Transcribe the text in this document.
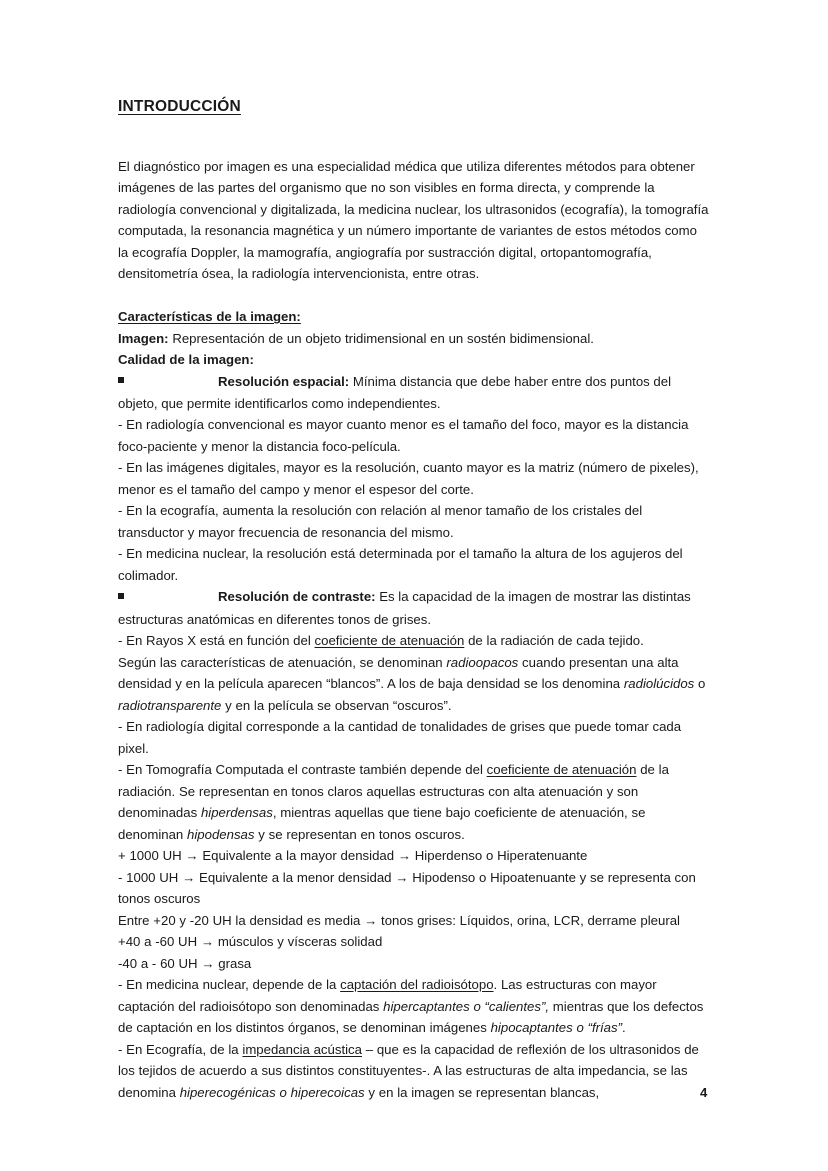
INTRODUCCIÓN

El diagnóstico por imagen es una especialidad médica que utiliza diferentes métodos para obtener imágenes de las partes del organismo que no son visibles en forma directa, y comprende la radiología convencional y digitalizada, la medicina nuclear, los ultrasonidos (ecografía), la tomografía computada, la resonancia magnética y un número importante de variantes de estos métodos como la ecografía Doppler, la mamografía, angiografía por sustracción digital, ortopantomografía, densitometría ósea, la radiología intervencionista, entre otras.

Características de la imagen:

Imagen: Representación de un objeto tridimensional en un sostén bidimensional.

Calidad de la imagen:

Resolución espacial: Mínima distancia que debe haber entre dos puntos del objeto, que permite identificarlos como independientes.

- En radiología convencional es mayor cuanto menor es el tamaño del foco, mayor es la distancia foco-paciente y menor la distancia foco-película.

- En las imágenes digitales, mayor es la resolución, cuanto mayor es la matriz (número de pixeles), menor es el tamaño del campo y menor el espesor del corte.

- En la ecografía, aumenta la resolución con relación al menor tamaño de los cristales del transductor y mayor frecuencia de resonancia del mismo.

- En medicina nuclear, la resolución está determinada por el tamaño la altura de los agujeros del colimador.

Resolución de contraste: Es la capacidad de la imagen de mostrar las distintas estructuras anatómicas en diferentes tonos de grises.

- En Rayos X está en función del coeficiente de atenuación de la radiación de cada tejido.

Según las características de atenuación, se denominan radioopacos cuando presentan una alta densidad y en la película aparecen “blancos”. A los de baja densidad se los denomina radiolúcidos o radiotransparente y en la película se observan “oscuros”.

- En radiología digital corresponde a la cantidad de tonalidades de grises que puede tomar cada pixel.

- En Tomografía Computada el contraste también depende del coeficiente de atenuación de la radiación. Se representan en tonos claros aquellas estructuras con alta atenuación y son denominadas hiperdensas, mientras aquellas que tiene bajo coeficiente de atenuación, se denominan hipodensas y se representan en tonos oscuros.

+ 1000 UH → Equivalente a la mayor densidad → Hiperdenso o Hiperatenuante

- 1000 UH → Equivalente a la menor densidad → Hipodenso o Hipoatenuante y se representa con tonos oscuros

Entre +20 y -20 UH la densidad es media → tonos grises: Líquidos, orina, LCR, derrame pleural

+40 a -60 UH → músculos y vísceras solidad

-40 a - 60 UH → grasa

- En medicina nuclear, depende de la captación del radioisótopo. Las estructuras con mayor captación del radioisótopo son denominadas hipercaptantes o “calientes”, mientras que los defectos de captación en los distintos órganos, se denominan imágenes hipocaptantes o “frías”.

- En Ecografía, de la impedancia acústica – que es la capacidad de reflexión de los ultrasonidos de los tejidos de acuerdo a sus distintos constituyentes-. A las estructuras de alta impedancia, se las denomina hiperecogénicas o hiperecoicas y en la imagen se representan blancas,	4
